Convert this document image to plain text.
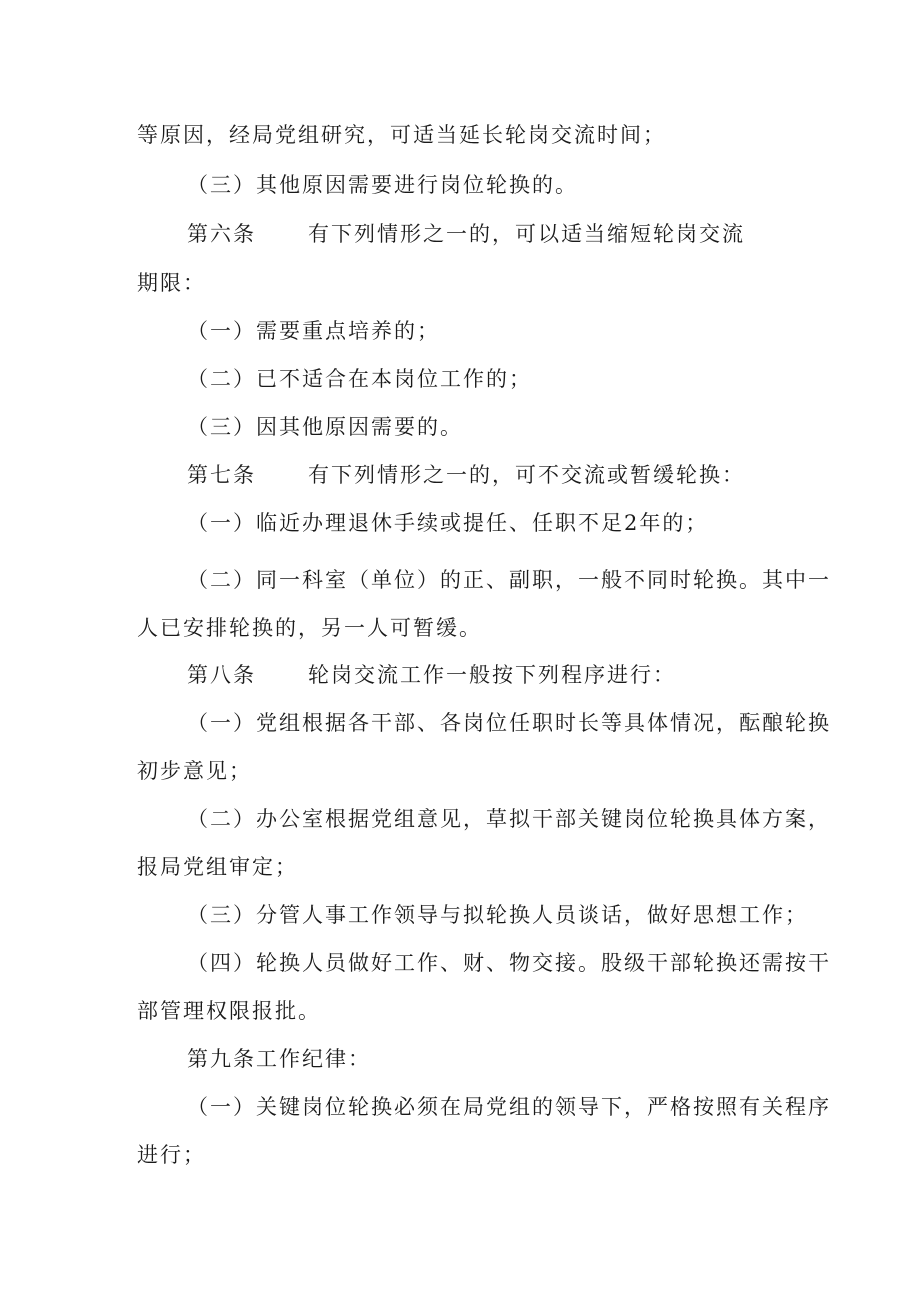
等原因，经局党组研究，可适当延长轮岗交流时间；
（三）其他原因需要进行岗位轮换的。
第六条 有下列情形之一的，可以适当缩短轮岗交流
期限：
（一）需要重点培养的；
（二）已不适合在本岗位工作的；
（三）因其他原因需要的。
第七条 有下列情形之一的，可不交流或暂缓轮换：
（一）临近办理退休手续或提任、任职不足2年的；
（二）同一科室（单位）的正、副职，一般不同时轮换。其中一
人已安排轮换的，另一人可暂缓。
第八条 轮岗交流工作一般按下列程序进行：
（一）党组根据各干部、各岗位任职时长等具体情况，酝酿轮换
初步意见；
（二）办公室根据党组意见，草拟干部关键岗位轮换具体方案，
报局党组审定；
（三）分管人事工作领导与拟轮换人员谈话，做好思想工作；
（四）轮换人员做好工作、财、物交接。股级干部轮换还需按干
部管理权限报批。
第九条工作纪律：
（一）关键岗位轮换必须在局党组的领导下，严格按照有关程序
进行；
